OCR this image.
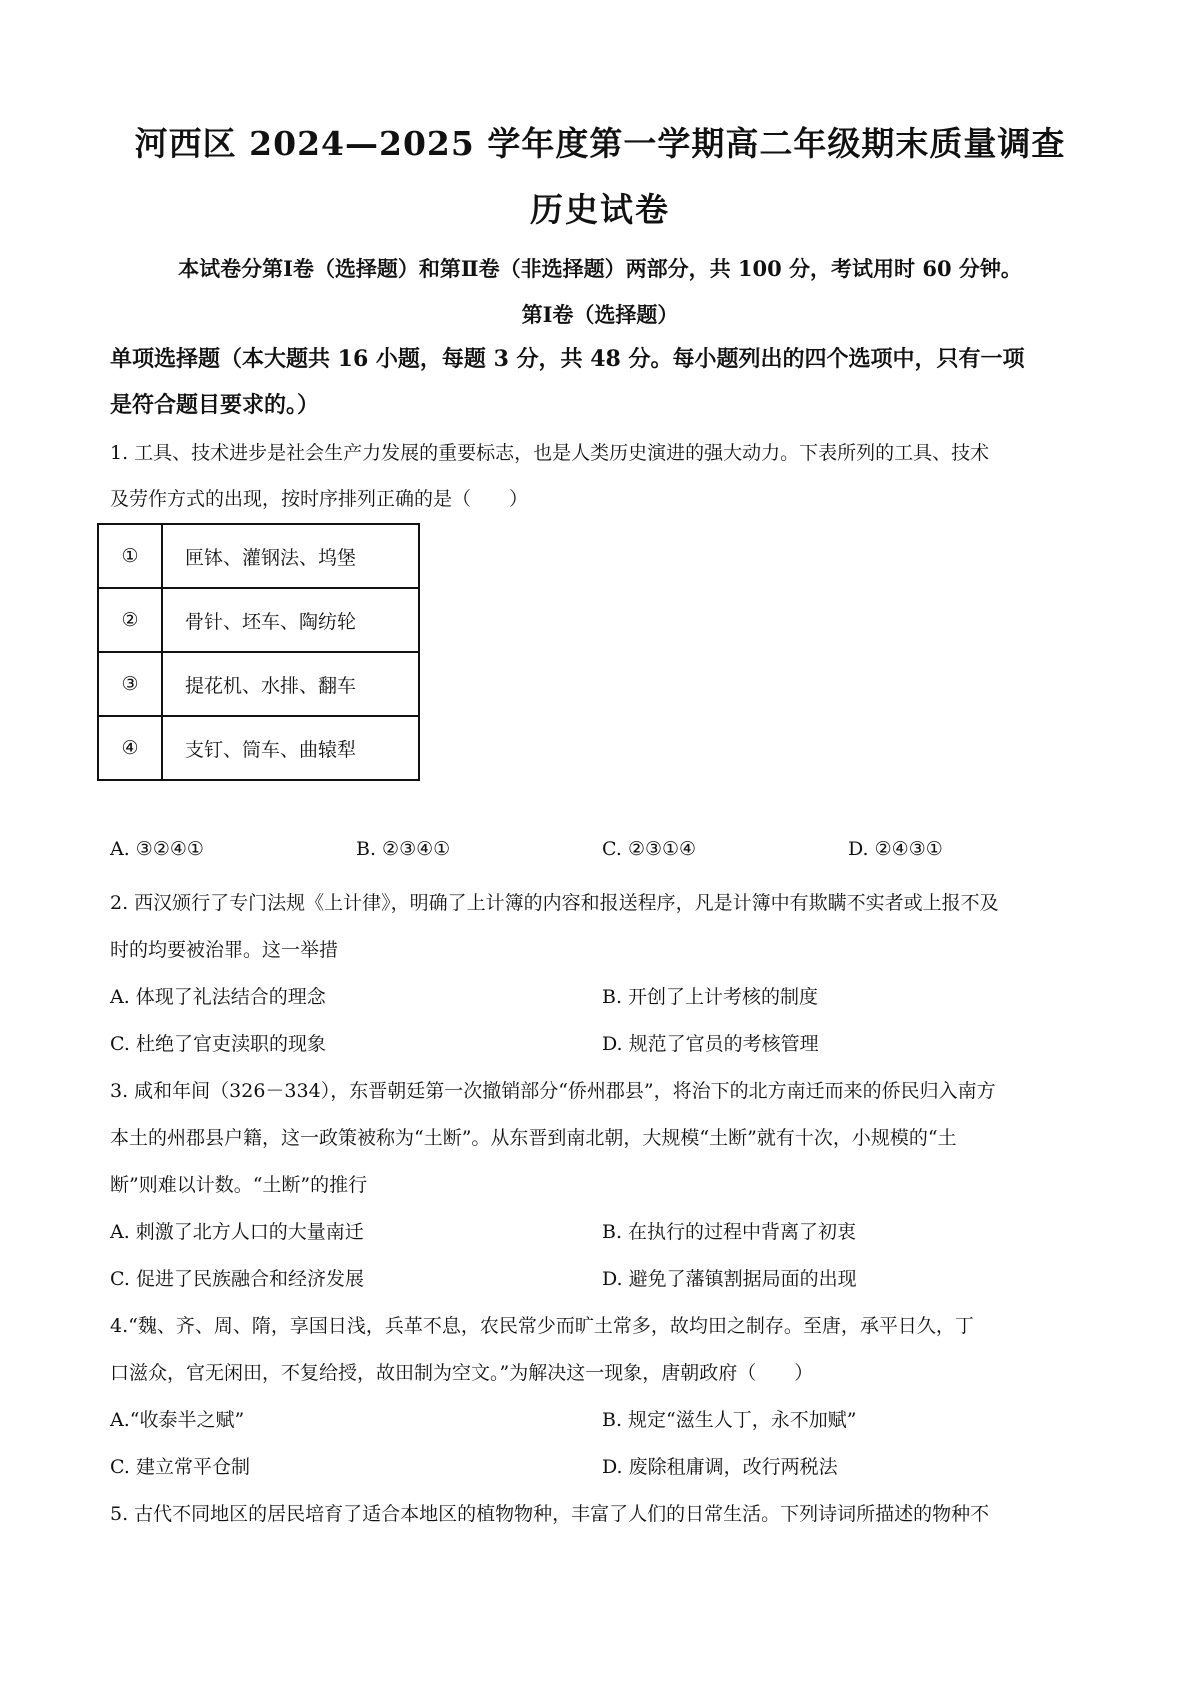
河西区 2024—2025 学年度第一学期高二年级期末质量调查
历史试卷
本试卷分第Ⅰ卷（选择题）和第Ⅱ卷（非选择题）两部分，共 100 分，考试用时 60 分钟。
第Ⅰ卷（选择题）
单项选择题（本大题共 16 小题，每题 3 分，共 48 分。每小题列出的四个选项中，只有一项
是符合题目要求的。）
1. 工具、技术进步是社会生产力发展的重要标志，也是人类历史演进的强大动力。下表所列的工具、技术
及劳作方式的出现，按时序排列正确的是（　　）
①	匣钵、灌钢法、坞堡
②	骨针、坯车、陶纺轮
③	提花机、水排、翻车
④	支钉、筒车、曲辕犁
A. ③②④①	B. ②③④①	C. ②③①④	D. ②④③①
2. 西汉颁行了专门法规《上计律》，明确了上计簿的内容和报送程序，凡是计簿中有欺瞒不实者或上报不及
时的均要被治罪。这一举措
A. 体现了礼法结合的理念	B. 开创了上计考核的制度
C. 杜绝了官吏渎职的现象	D. 规范了官员的考核管理
3. 咸和年间（326－334），东晋朝廷第一次撤销部分“侨州郡县”，将治下的北方南迁而来的侨民归入南方
本土的州郡县户籍，这一政策被称为“土断”。从东晋到南北朝，大规模“土断”就有十次，小规模的“土
断”则难以计数。“土断”的推行
A. 刺激了北方人口的大量南迁	B. 在执行的过程中背离了初衷
C. 促进了民族融合和经济发展	D. 避免了藩镇割据局面的出现
4.“魏、齐、周、隋，享国日浅，兵革不息，农民常少而旷土常多，故均田之制存。至唐，承平日久，丁
口滋众，官无闲田，不复给授，故田制为空文。”为解决这一现象，唐朝政府（　　）
A.“收泰半之赋”	B. 规定“滋生人丁，永不加赋”
C. 建立常平仓制	D. 废除租庸调，改行两税法
5. 古代不同地区的居民培育了适合本地区的植物物种，丰富了人们的日常生活。下列诗词所描述的物种不
